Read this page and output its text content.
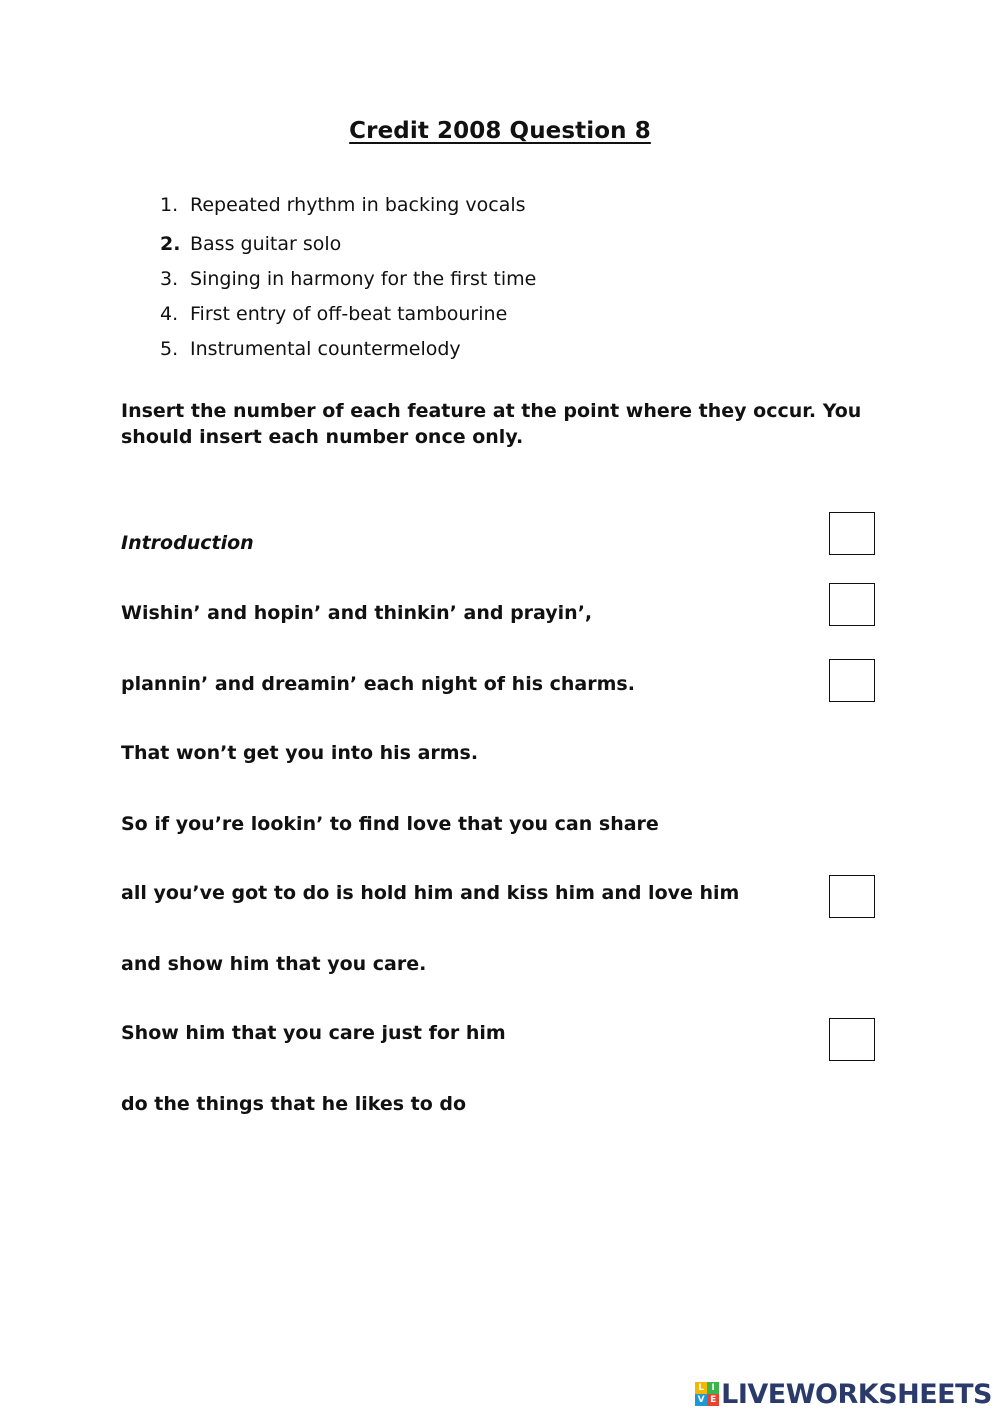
Credit 2008 Question 8
1. Repeated rhythm in backing vocals
2. Bass guitar solo
3. Singing in harmony for the first time
4. First entry of off-beat tambourine
5. Instrumental countermelody
Insert the number of each feature at the point where they occur. You should insert each number once only.
Introduction
Wishin’ and hopin’ and thinkin’ and prayin’,
plannin’ and dreamin’ each night of his charms.
That won’t get you into his arms.
So if you’re lookin’ to find love that you can share
all you’ve got to do is hold him and kiss him and love him
and show him that you care.
Show him that you care just for him
do the things that he likes to do
L I
V E LIVEWORKSHEETS
